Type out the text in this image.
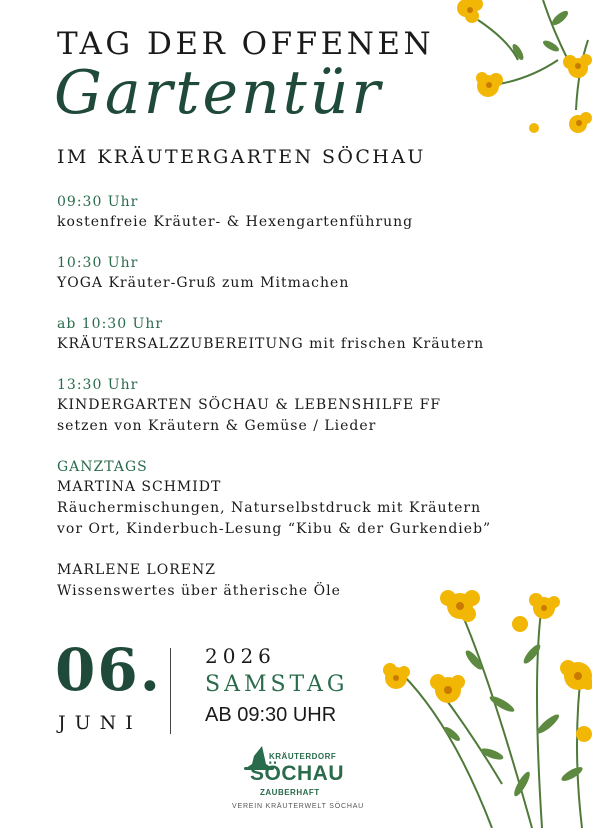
TAG DER OFFENEN
Gartentür
IM KRÄUTERGARTEN SÖCHAU
09:30 Uhr
kostenfreie Kräuter- & Hexengartenführung
10:30 Uhr
YOGA Kräuter-Gruß zum Mitmachen
ab 10:30 Uhr
KRÄUTERSALZZUBEREITUNG mit frischen Kräutern
13:30 Uhr
KINDERGARTEN SÖCHAU & LEBENSHILFE FF
setzen von Kräutern & Gemüse / Lieder
GANZTAGS
MARTINA SCHMIDT
Räuchermischungen, Naturselbstdruck mit Kräutern
vor Ort, Kinderbuch-Lesung “Kibu & der Gurkendieb”
MARLENE LORENZ
Wissenswertes über ätherische Öle
06.
JUNI
2026
SAMSTAG
AB 09:30 UHR
KRÄUTERDORF
SÖCHAU
ZAUBERHAFT
VEREIN KRÄUTERWELT SÖCHAU
